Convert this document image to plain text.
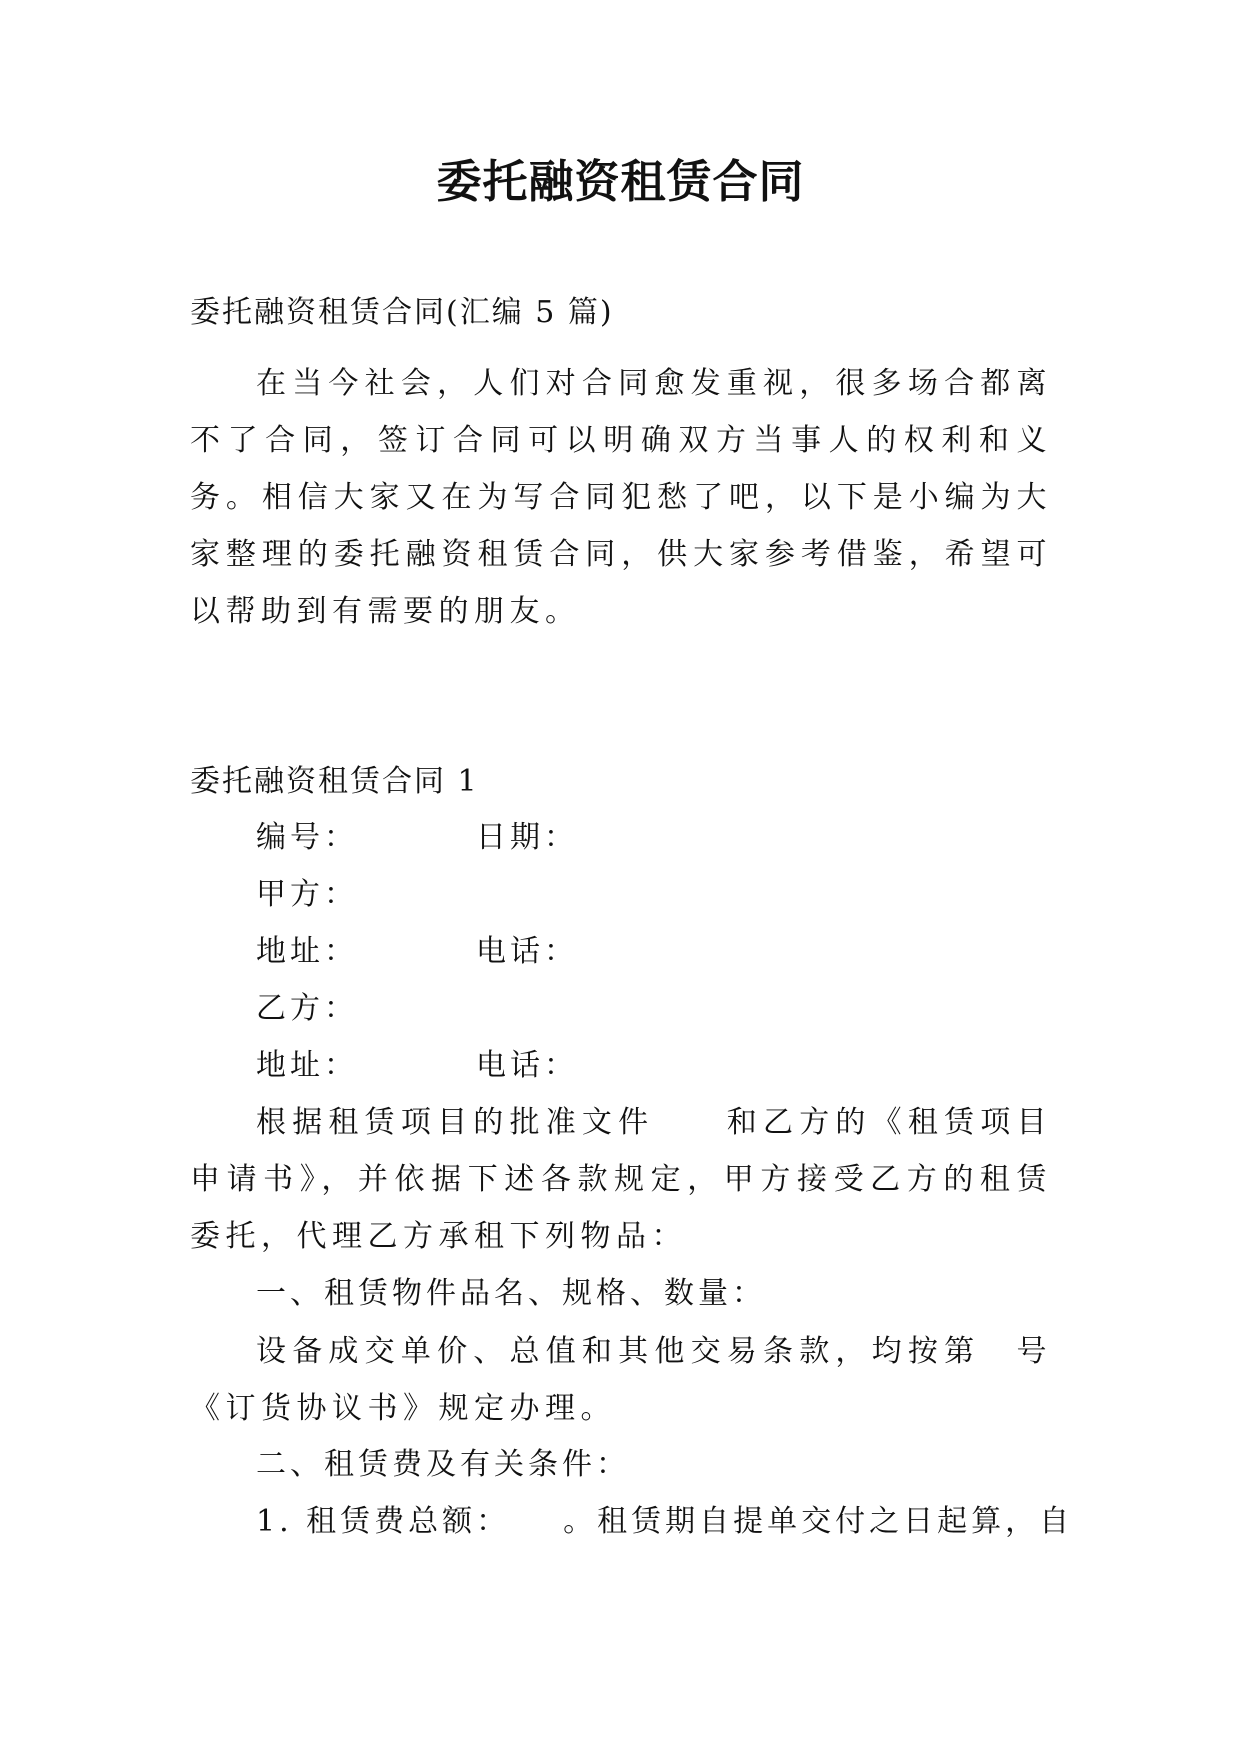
委托融资租赁合同

委托融资租赁合同(汇编 5 篇)

在当今社会，人们对合同愈发重视，很多场合都离不了合同，签订合同可以明确双方当事人的权利和义务。相信大家又在为写合同犯愁了吧，以下是小编为大家整理的委托融资租赁合同，供大家参考借鉴，希望可以帮助到有需要的朋友。

委托融资租赁合同 1

编号：	日期：

甲方：

地址：	电话：

乙方：

地址：	电话：

根据租赁项目的批准文件　　和乙方的《租赁项目申请书》，并依据下述各款规定，甲方接受乙方的租赁委托，代理乙方承租下列物品：

一、租赁物件品名、规格、数量：

设备成交单价、总值和其他交易条款，均按第　号《订货协议书》规定办理。

二、租赁费及有关条件：

1. 租赁费总额：　　。租赁期自提单交付之日起算，自
